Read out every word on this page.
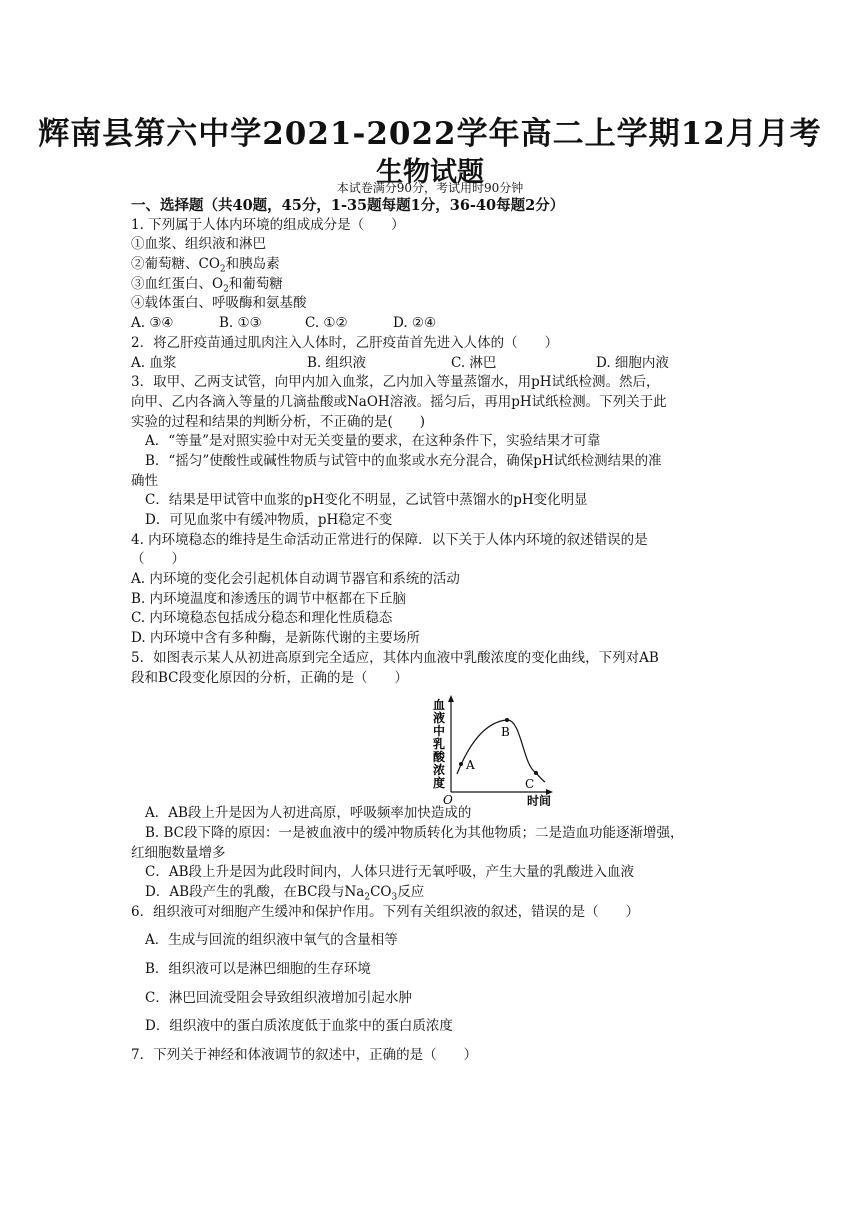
辉南县第六中学2021-2022学年高二上学期12月月考
生物试题
本试卷满分90分，考试用时90分钟
一、选择题（共40题，45分，1-35题每题1分，36-40每题2分）
1. 下列属于人体内环境的组成成分是（　　）
①血浆、组织液和淋巴
②葡萄糖、$CO_2$和胰岛素
③血红蛋白、$O_2$和葡萄糖
④载体蛋白、呼吸酶和氨基酸
A. ③④	B. ①③	C. ①②	D. ②④
2．将乙肝疫苗通过肌肉注入人体时，乙肝疫苗首先进入人体的（　　）
A. 血浆	B. 组织液	C. 淋巴	D. 细胞内液
3．取甲、乙两支试管，向甲内加入血浆，乙内加入等量蒸馏水，用pH试纸检测。然后，
向甲、乙内各滴入等量的几滴盐酸或NaOH溶液。摇匀后，再用pH试纸检测。下列关于此
实验的过程和结果的判断分析，不正确的是(　　)
A．“等量”是对照实验中对无关变量的要求，在这种条件下，实验结果才可靠
B．“摇匀”使酸性或碱性物质与试管中的血浆或水充分混合，确保pH试纸检测结果的准
确性
C．结果是甲试管中血浆的pH变化不明显，乙试管中蒸馏水的pH变化明显
D．可见血浆中有缓冲物质，pH稳定不变
4. 内环境稳态的维持是生命活动正常进行的保障．以下关于人体内环境的叙述错误的是
（　　）
A. 内环境的变化会引起机体自动调节器官和系统的活动
B. 内环境温度和渗透压的调节中枢都在下丘脑
C. 内环境稳态包括成分稳态和理化性质稳态
D. 内环境中含有多种酶，是新陈代谢的主要场所
5．如图表示某人从初进高原到完全适应，其体内血液中乳酸浓度的变化曲线，下列对AB
段和BC段变化原因的分析，正确的是（　　）
血
液
中
乳
酸
浓
度
O	时间
A
B
C
A．AB段上升是因为人初进高原，呼吸频率加快造成的
B. BC段下降的原因：一是被血液中的缓冲物质转化为其他物质；二是造血功能逐渐增强，
红细胞数量增多
C．AB段上升是因为此段时间内，人体只进行无氧呼吸，产生大量的乳酸进入血液
D．AB段产生的乳酸，在BC段与$Na_2CO_3$反应
6．组织液可对细胞产生缓冲和保护作用。下列有关组织液的叙述，错误的是（　　）
A．生成与回流的组织液中氧气的含量相等
B．组织液可以是淋巴细胞的生存环境
C．淋巴回流受阻会导致组织液增加引起水肿
D．组织液中的蛋白质浓度低于血浆中的蛋白质浓度
7．下列关于神经和体液调节的叙述中，正确的是（　　）
